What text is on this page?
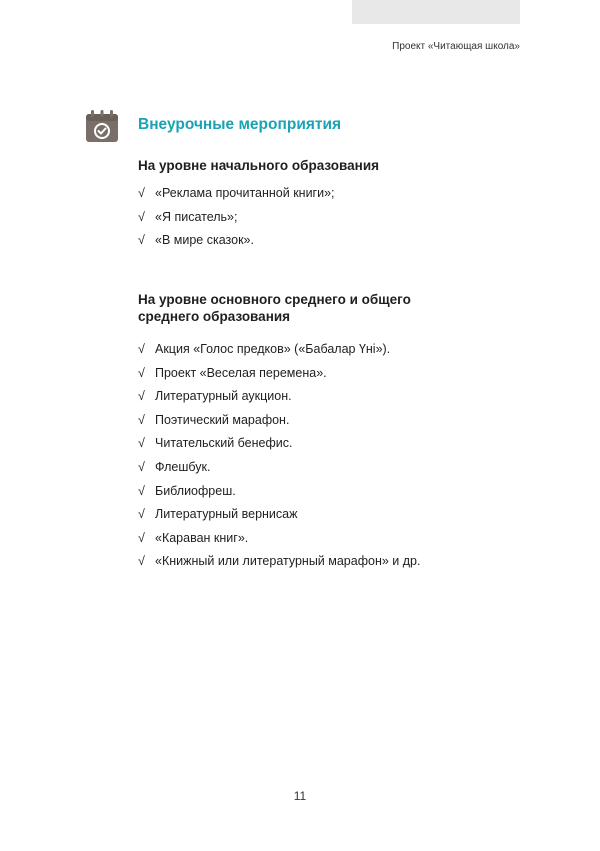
Проект «Читающая школа»
Внеурочные мероприятия
На уровне начального образования
√ «Реклама прочитанной книги»;
√ «Я писатель»;
√ «В мире сказок».
На уровне основного среднего и общего среднего образования
√ Акция «Голос предков» («Бабалар Үні»).
√ Проект «Веселая перемена».
√ Литературный аукцион.
√ Поэтический марафон.
√ Читательский бенефис.
√ Флешбук.
√ Библиофреш.
√ Литературный вернисаж
√ «Караван книг».
√ «Книжный или литературный марафон» и др.
11
